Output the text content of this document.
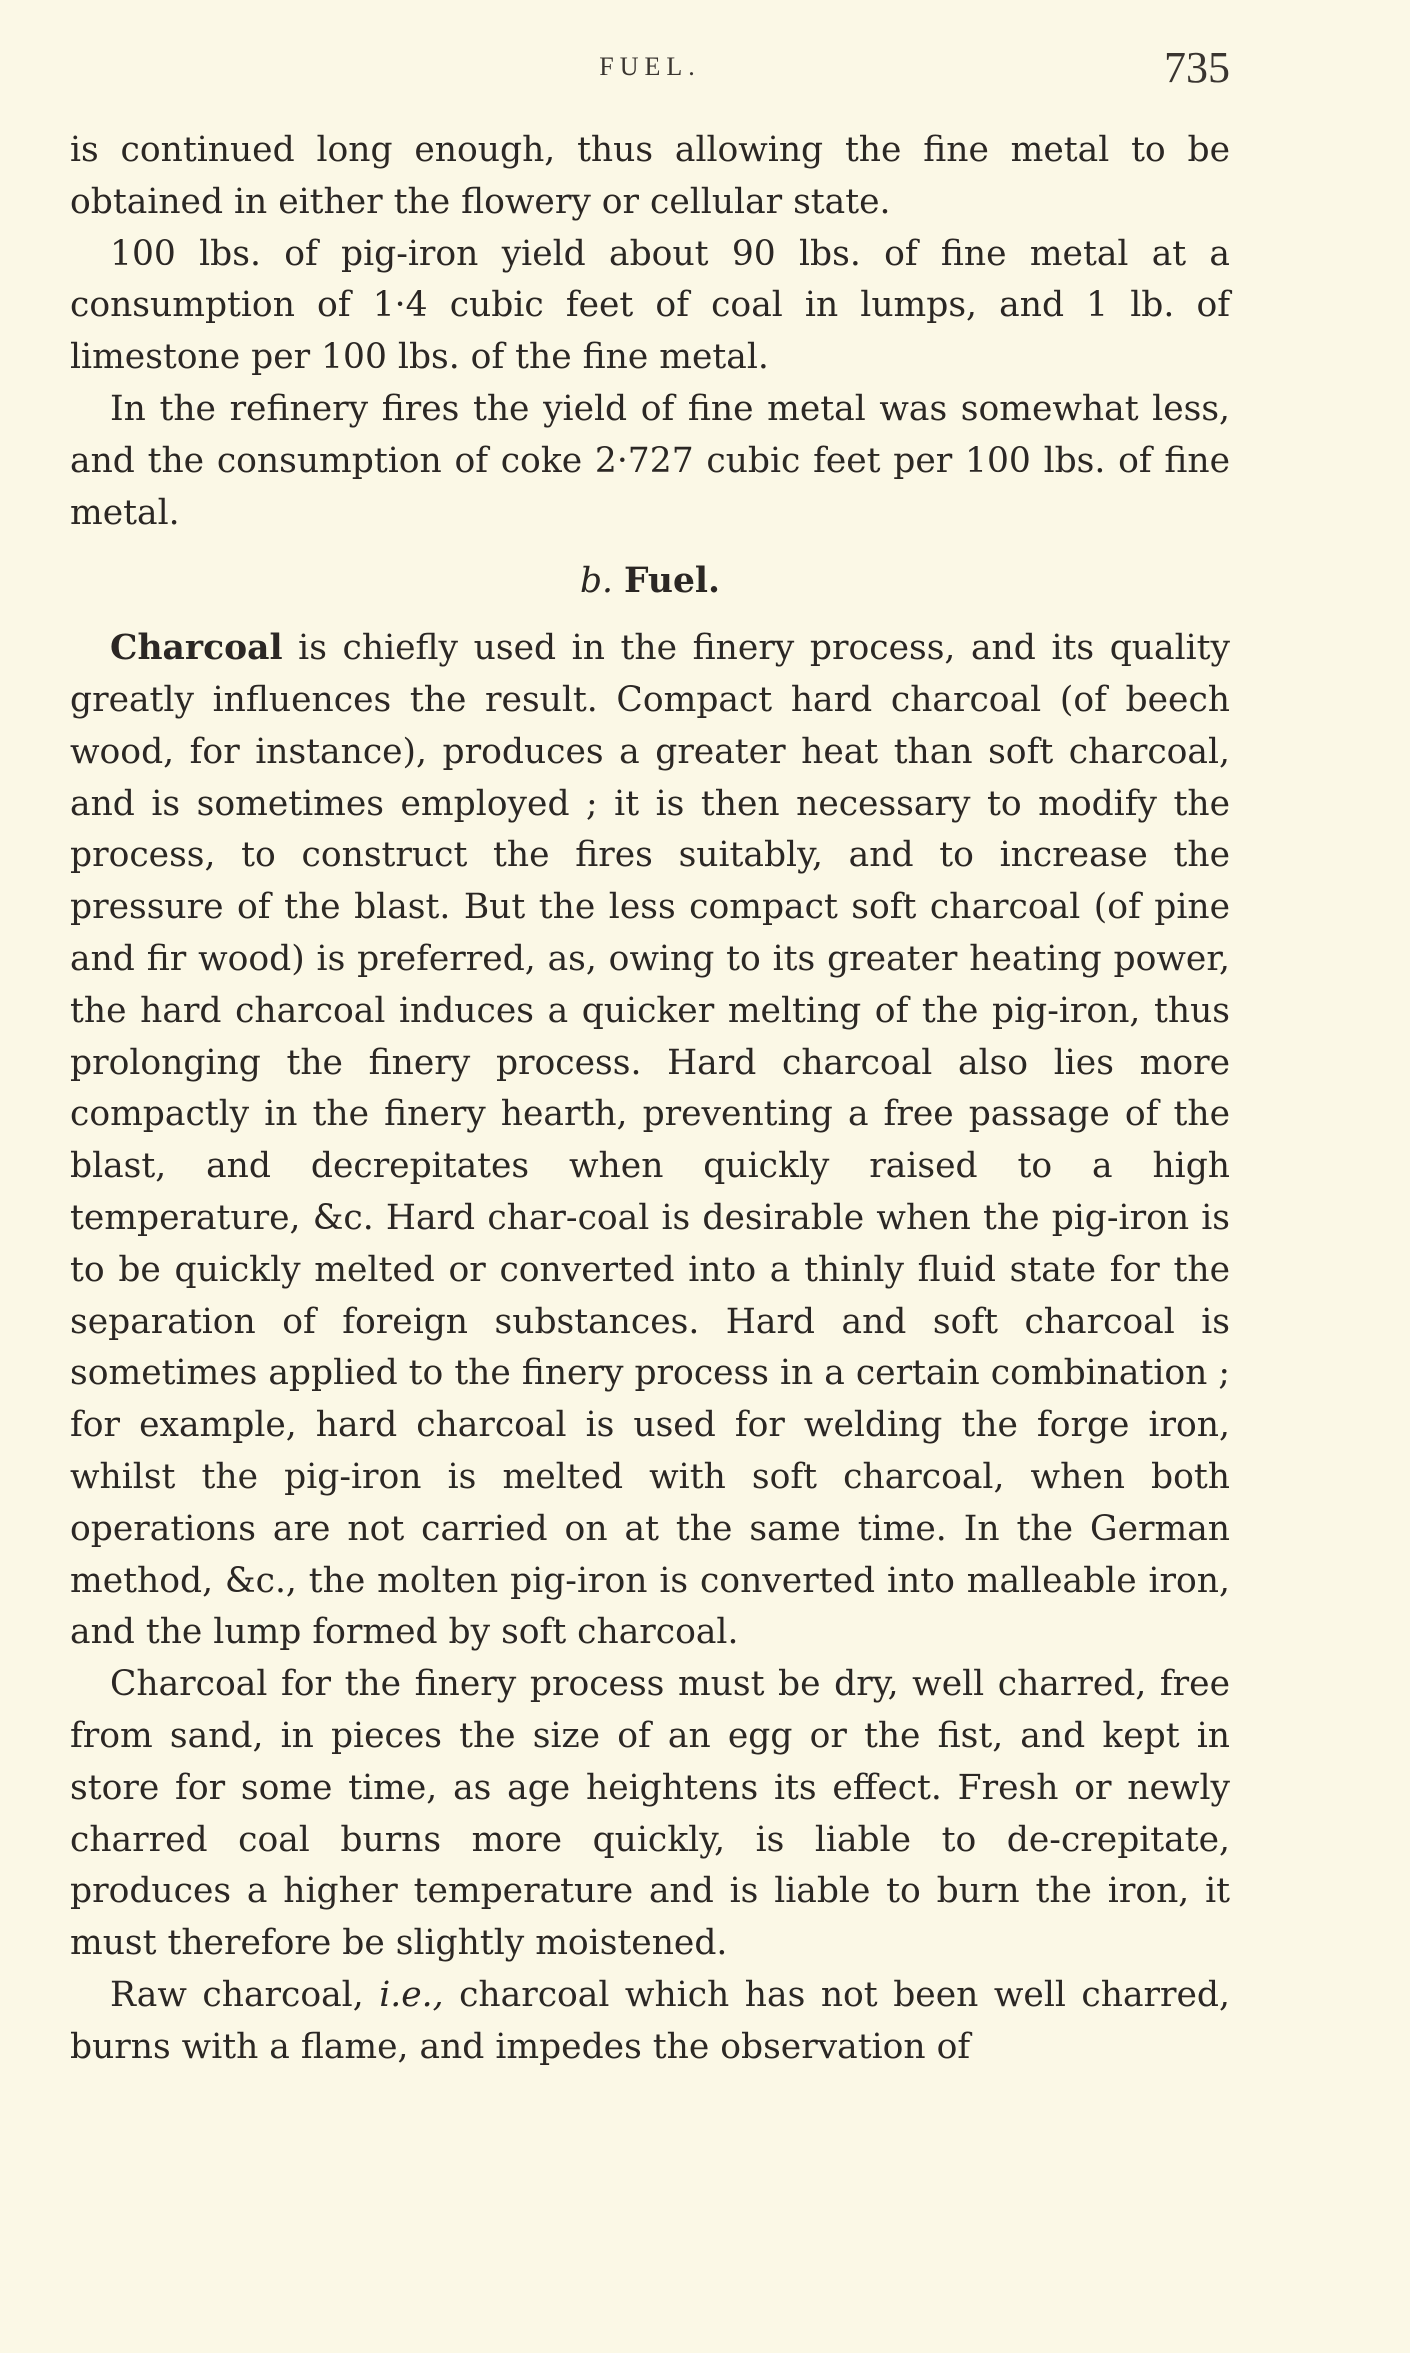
FUEL.	735

is continued long enough, thus allowing the fine metal to be obtained in either the flowery or cellular state.

100 lbs. of pig-iron yield about 90 lbs. of fine metal at a consumption of 1·4 cubic feet of coal in lumps, and 1 lb. of limestone per 100 lbs. of the fine metal.

In the refinery fires the yield of fine metal was somewhat less, and the consumption of coke 2·727 cubic feet per 100 lbs. of fine metal.

b. Fuel.

Charcoal is chiefly used in the finery process, and its quality greatly influences the result. Compact hard charcoal (of beech wood, for instance), produces a greater heat than soft charcoal, and is sometimes employed ; it is then necessary to modify the process, to construct the fires suitably, and to increase the pressure of the blast. But the less compact soft charcoal (of pine and fir wood) is preferred, as, owing to its greater heating power, the hard charcoal induces a quicker melting of the pig-iron, thus prolonging the finery process. Hard charcoal also lies more compactly in the finery hearth, preventing a free passage of the blast, and decrepitates when quickly raised to a high temperature, &c. Hard char-coal is desirable when the pig-iron is to be quickly melted or converted into a thinly fluid state for the separation of foreign substances. Hard and soft charcoal is sometimes applied to the finery process in a certain combination ; for example, hard charcoal is used for welding the forge iron, whilst the pig-iron is melted with soft charcoal, when both operations are not carried on at the same time. In the German method, &c., the molten pig-iron is converted into malleable iron, and the lump formed by soft charcoal.

Charcoal for the finery process must be dry, well charred, free from sand, in pieces the size of an egg or the fist, and kept in store for some time, as age heightens its effect. Fresh or newly charred coal burns more quickly, is liable to de-crepitate, produces a higher temperature and is liable to burn the iron, it must therefore be slightly moistened.

Raw charcoal, i.e., charcoal which has not been well charred, burns with a flame, and impedes the observation of
